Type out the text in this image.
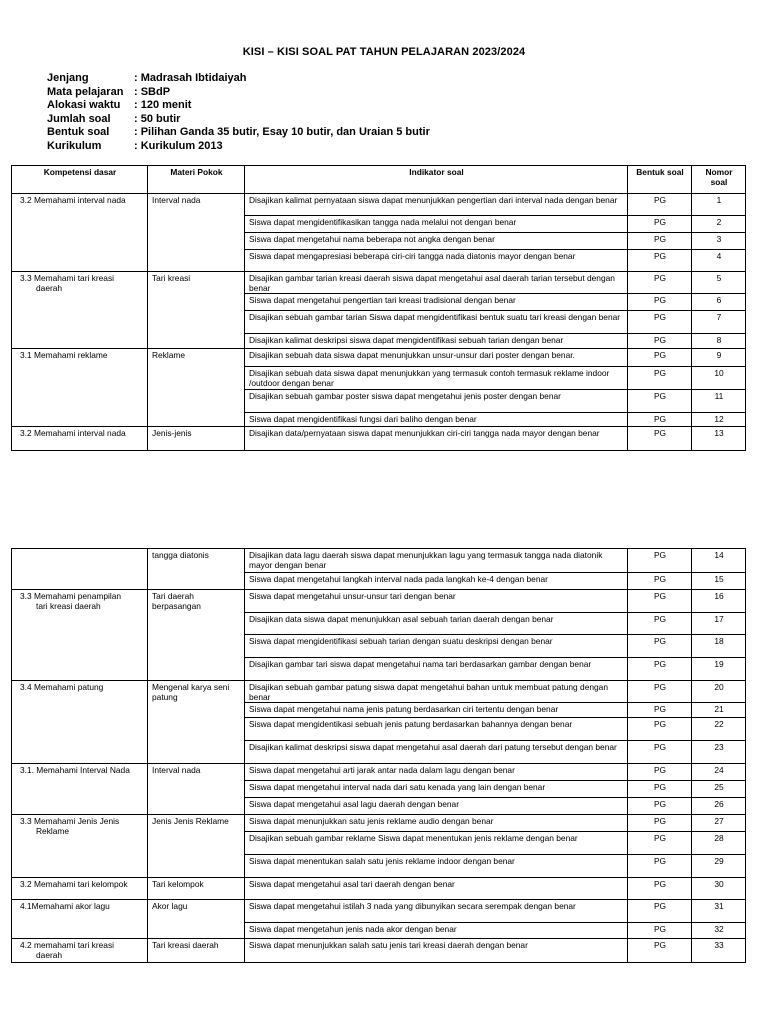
KISI – KISI SOAL PAT TAHUN PELAJARAN 2023/2024
Jenjang	: Madrasah Ibtidaiyah
Mata pelajaran : SBdP
Alokasi waktu	: 120 menit
Jumlah soal	: 50 butir
Bentuk soal	: Pilihan Ganda 35 butir, Esay 10 butir, dan Uraian 5 butir
Kurikulum	: Kurikulum 2013
Kompetensi dasar	Materi Pokok	Indikator soal	Bentuk soal	Nomor soal
3.2 Memahami interval nada	Interval nada	Disajikan kalimat pernyataan siswa dapat menunjukkan pengertian dari interval nada dengan benar	PG	1
		Siswa dapat mengidentifikasikan tangga nada melalui not dengan benar	PG	2
		Siswa dapat mengetahui nama beberapa not angka dengan benar	PG	3
		Siswa dapat mengapresiasi beberapa ciri-ciri tangga nada diatonis mayor dengan benar	PG	4
3.3 Memahami tari kreasi
daerah	Tari kreasi	Disajikan gambar tarian kreasi daerah siswa dapat mengetahui asal daerah tarian tersebut dengan benar	PG	5
		Siswa dapat mengetahui pengertian tari kreasi tradisional dengan benar	PG	6
		Disajikan sebuah gambar tarian Siswa dapat mengidentifikasi bentuk suatu tari kreasi dengan benar	PG	7
		Disajikan kalimat deskripsi siswa dapat mengidentifikasi sebuah tarian dengan benar	PG	8
3.1 Memahami reklame	Reklame	Disajikan sebuah data siswa dapat menunjukkan unsur-unsur dari poster dengan benar.	PG	9
		Disajikan sebuah data siswa dapat menunjukkan yang termasuk contoh termasuk reklame indoor /outdoor dengan benar	PG	10
		Disajikan sebuah gambar poster siswa dapat mengetahui jenis poster dengan benar	PG	11
		Siswa dapat mengidentifikasi fungsi dari baliho dengan benar	PG	12
3.2 Memahami interval nada	Jenis-jenis	Disajikan data/pernyataan siswa dapat menunjukkan ciri-ciri tangga nada mayor dengan benar	PG	13
	tangga diatonis	Disajikan data lagu daerah siswa dapat menunjukkan lagu yang termasuk tangga nada diatonik mayor dengan benar	PG	14
		Siswa dapat mengetahui langkah interval nada pada langkah ke-4 dengan benar	PG	15
3.3 Memahami penampilan
tari kreasi daerah	Tari daerah berpasangan	Siswa dapat mengetahui unsur-unsur tari dengan benar	PG	16
		Disajikan data siswa dapat menunjukkan asal sebuah tarian daerah dengan benar	PG	17
		Siswa dapat mengidentifikasi sebuah tarian dengan suatu deskripsi dengan benar	PG	18
		Disajikan gambar tari siswa dapat mengetahui nama tari berdasarkan gambar dengan benar	PG	19
3.4 Memahami patung	Mengenal karya seni patung	Disajikan sebuah gambar patung siswa dapat mengetahui bahan untuk membuat patung dengan benar	PG	20
		Siswa dapat mengetahui nama jenis patung berdasarkan ciri tertentu dengan benar	PG	21
		Siswa dapat mengidentikasi sebuah jenis patung berdasarkan bahannya dengan benar	PG	22
		Disajikan kalimat deskripsi siswa dapat mengetahui asal daerah dari patung tersebut dengan benar	PG	23
3.1. Memahami Interval Nada	Interval nada	Siswa dapat mengetahui arti jarak antar nada dalam lagu dengan benar	PG	24
		Siswa dapat mengetahui interval nada dari satu kenada yang lain dengan benar	PG	25
		Siswa dapat mengetahui asal lagu daerah dengan benar	PG	26
3.3 Memahami Jenis Jenis
Reklame	Jenis Jenis Reklame	Siswa dapat menunjukkan satu jenis reklame audio dengan benar	PG	27
		Disajikan sebuah gambar reklame Siswa dapat menentukan jenis reklame dengan benar	PG	28
		Siswa dapat menentukan salah satu jenis reklame indoor dengan benar	PG	29
3.2 Memahami tari kelompok	Tari kelompok	Siswa dapat mengetahui asal tari daerah dengan benar	PG	30
4.1Memahami akor lagu	Akor lagu	Siswa dapat mengetahui istilah 3 nada yang dibunyikan secara serempak dengan benar	PG	31
		Siswa dapat mengetahun jenis nada akor dengan benar	PG	32
4.2 memahami tari kreasi
daerah	Tari kreasi daerah	Siswa dapat menunjukkan salah satu jenis tari kreasi daerah dengan benar	PG	33
